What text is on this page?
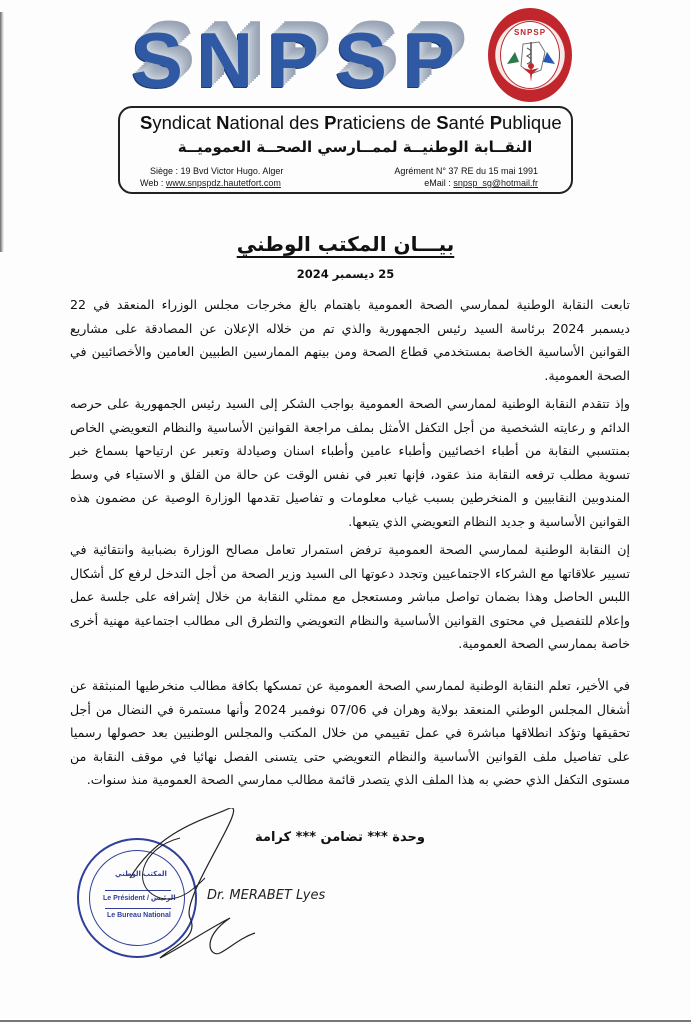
S N P S P	SNPSP
Syndicat National des Praticiens de Santé Publique
النقــابة الوطنيــة لممــارسي الصحــة العموميــة
Siège : 19 Bvd Victor Hugo. Alger
Web : www.snpspdz.hautetfort.com
Agrément N° 37 RE du 15 mai 1991
eMail : snpsp_sg@hotmail.fr
بيـــان المكتب الوطني
25 ديسمبر 2024

تابعت النقابة الوطنية لممارسي الصحة العمومية باهتمام بالغ مخرجات مجلس الوزراء المنعقد في 22 ديسمبر 2024 برئاسة السيد رئيس الجمهورية والذي تم من خلاله الإعلان عن المصادقة على مشاريع القوانين الأساسية الخاصة بمستخدمي قطاع الصحة ومن بينهم الممارسين الطبيين العامين والأخصائيين في الصحة العمومية.

وإذ تتقدم النقابة الوطنية لممارسي الصحة العمومية بواجب الشكر إلى السيد رئيس الجمهورية على حرصه الدائم و رعايته الشخصية من أجل التكفل الأمثل بملف مراجعة القوانين الأساسية والنظام التعويضي الخاص بمنتسبي النقابة من أطباء اخصائيين وأطباء عامين وأطباء اسنان وصيادلة وتعبر عن ارتياحها بسماع خبر تسوية مطلب ترفعه النقابة منذ عقود، فإنها تعبر في نفس الوقت عن حالة من القلق و الاستياء في وسط المندوبين النقابيين و المنخرطين بسبب غياب معلومات و تفاصيل تقدمها الوزارة الوصية عن مضمون هذه القوانين الأساسية و جديد النظام التعويضي الذي يتبعها.

إن النقابة الوطنية لممارسي الصحة العمومية ترفض استمرار تعامل مصالح الوزارة بضبابية وانتقائية في تسيير علاقاتها مع الشركاء الاجتماعيين وتجدد دعوتها الى السيد وزير الصحة من أجل التدخل لرفع كل أشكال اللبس الحاصل وهذا بضمان تواصل مباشر ومستعجل مع ممثلي النقابة من خلال إشرافه على جلسة عمل وإعلام للتفصيل في محتوى القوانين الأساسية والنظام التعويضي والتطرق الى مطالب اجتماعية مهنية أخرى خاصة بممارسي الصحة العمومية.

في الأخير، تعلم النقابة الوطنية لممارسي الصحة العمومية عن تمسكها بكافة مطالب منخرطيها المنبثقة عن أشغال المجلس الوطني المنعقد بولاية وهران في 07/06 نوفمبر 2024 وأنها مستمرة في النضال من أجل تحقيقها وتؤكد انطلاقها مباشرة في عمل تقييمي من خلال المكتب والمجلس الوطنيين بعد حصولها رسميا على تفاصيل ملف القوانين الأساسية والنظام التعويضي حتى يتسنى الفصل نهائيا في موقف النقابة من مستوى التكفل الذي حضي به هذا الملف الذي يتصدر قائمة مطالب ممارسي الصحة العمومية منذ سنوات.

وحدة *** تضامن *** كرامة
المكتب الوطني
Le Président / الرئيس
Le Bureau National
Dr. MERABET Lyes
